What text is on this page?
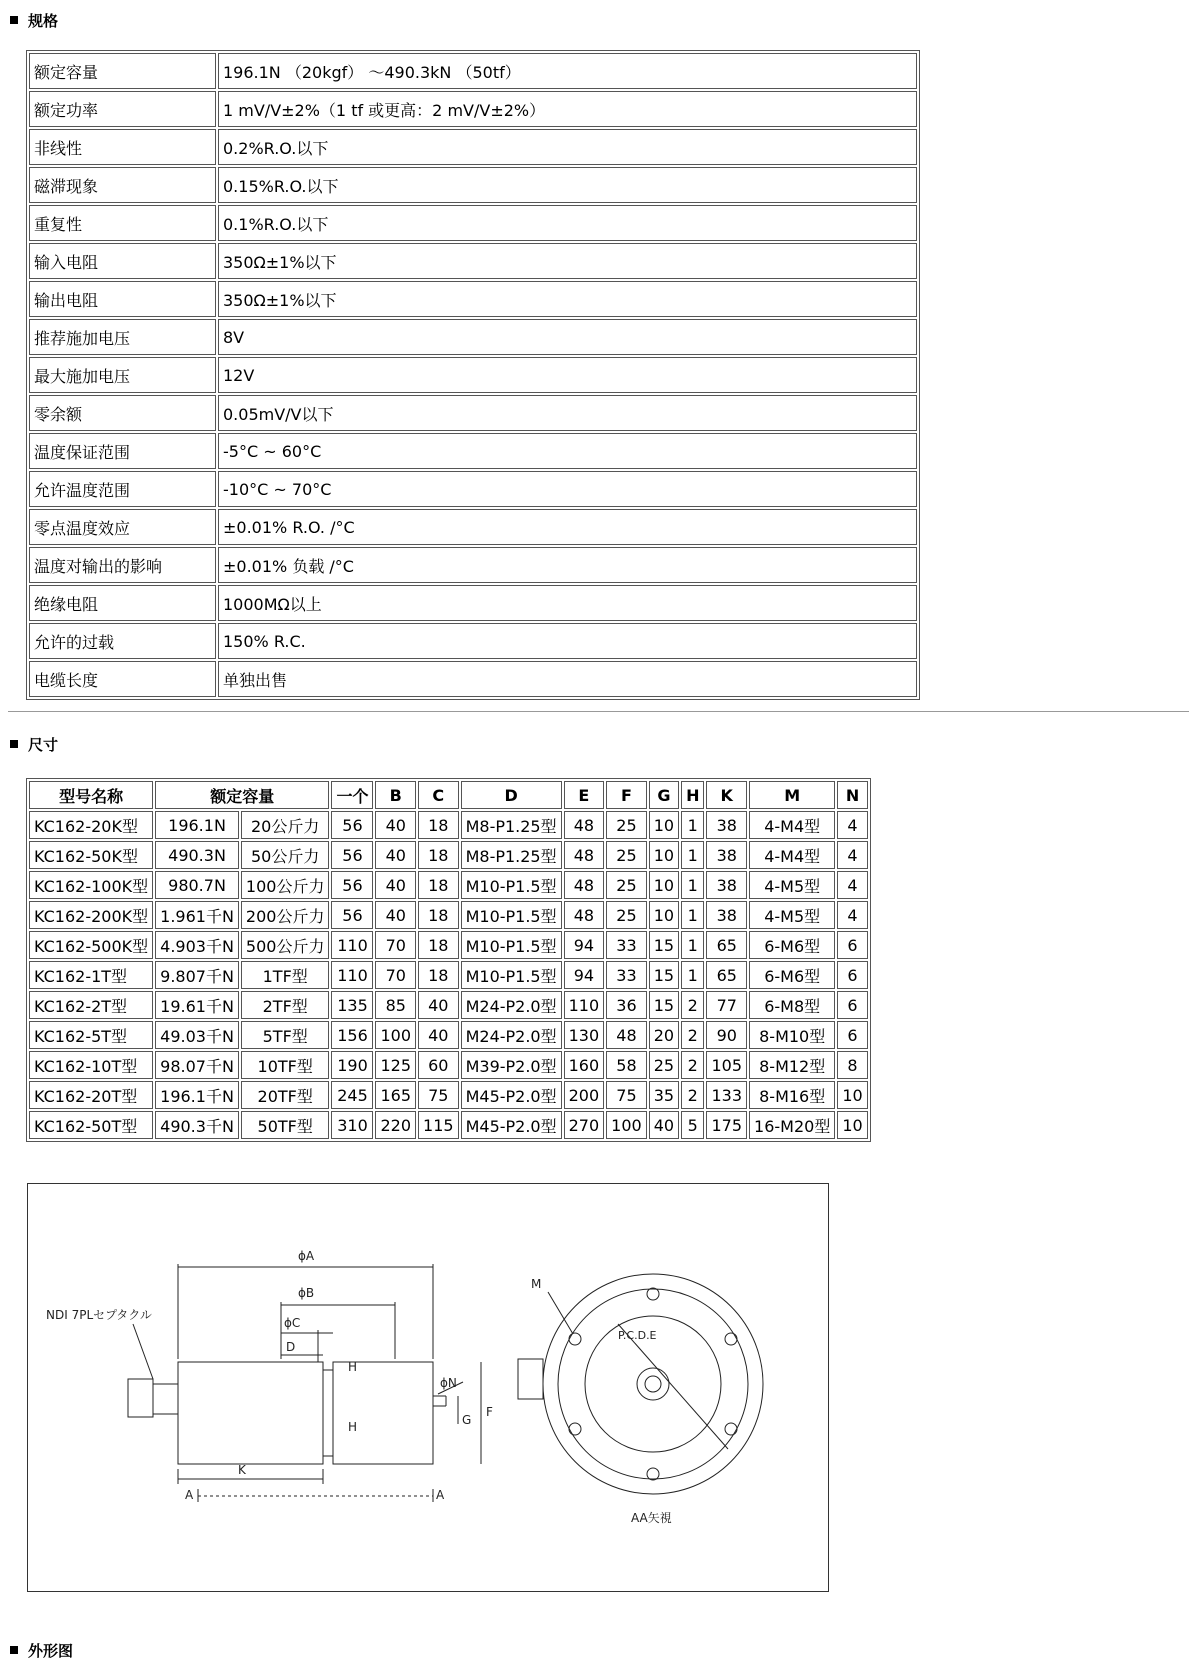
规格
额定容量	196.1N （20kgf） ～490.3kN （50tf）
额定功率	1 mV/V±2%（1 tf 或更高：2 mV/V±2%）
非线性	0.2%R.O.以下
磁滞现象	0.15%R.O.以下
重复性	0.1%R.O.以下
输入电阻	350Ω±1%以下
输出电阻	350Ω±1%以下
推荐施加电压	8V
最大施加电压	12V
零余额	0.05mV/V以下
温度保证范围	-5°C ~ 60°C
允许温度范围	-10°C ~ 70°C
零点温度效应	±0.01% R.O. /°C
温度对输出的影响	±0.01% 负载 /°C
绝缘电阻	1000MΩ以上
允许的过载	150% R.C.
电缆长度	单独出售
尺寸
型号名称	额定容量		一个	B	C	D	E	F	G	H	K	M	N
KC162-20K型	196.1N	20公斤力	56	40	18	M8-P1.25型	48	25	10	1	38	4-M4型	4
KC162-50K型	490.3N	50公斤力	56	40	18	M8-P1.25型	48	25	10	1	38	4-M4型	4
KC162-100K型	980.7N	100公斤力	56	40	18	M10-P1.5型	48	25	10	1	38	4-M5型	4
KC162-200K型	1.961千N	200公斤力	56	40	18	M10-P1.5型	48	25	10	1	38	4-M5型	4
KC162-500K型	4.903千N	500公斤力	110	70	18	M10-P1.5型	94	33	15	1	65	6-M6型	6
KC162-1T型	9.807千N	1TF型	110	70	18	M10-P1.5型	94	33	15	1	65	6-M6型	6
KC162-2T型	19.61千N	2TF型	135	85	40	M24-P2.0型	110	36	15	2	77	6-M8型	6
KC162-5T型	49.03千N	5TF型	156	100	40	M24-P2.0型	130	48	20	2	90	8-M10型	6
KC162-10T型	98.07千N	10TF型	190	125	60	M39-P2.0型	160	58	25	2	105	8-M12型	8
KC162-20T型	196.1千N	20TF型	245	165	75	M45-P2.0型	200	75	35	2	133	8-M16型	10
KC162-50T型	490.3千N	50TF型	310	220	115	M45-P2.0型	270	100	40	5	175	16-M20型	10
ϕA
ϕB
ϕC
D
H
H
ϕN
F
G
K
A	A
NDI 7PLセプタクル
M
P.C.D.E
AA矢視
外形图
